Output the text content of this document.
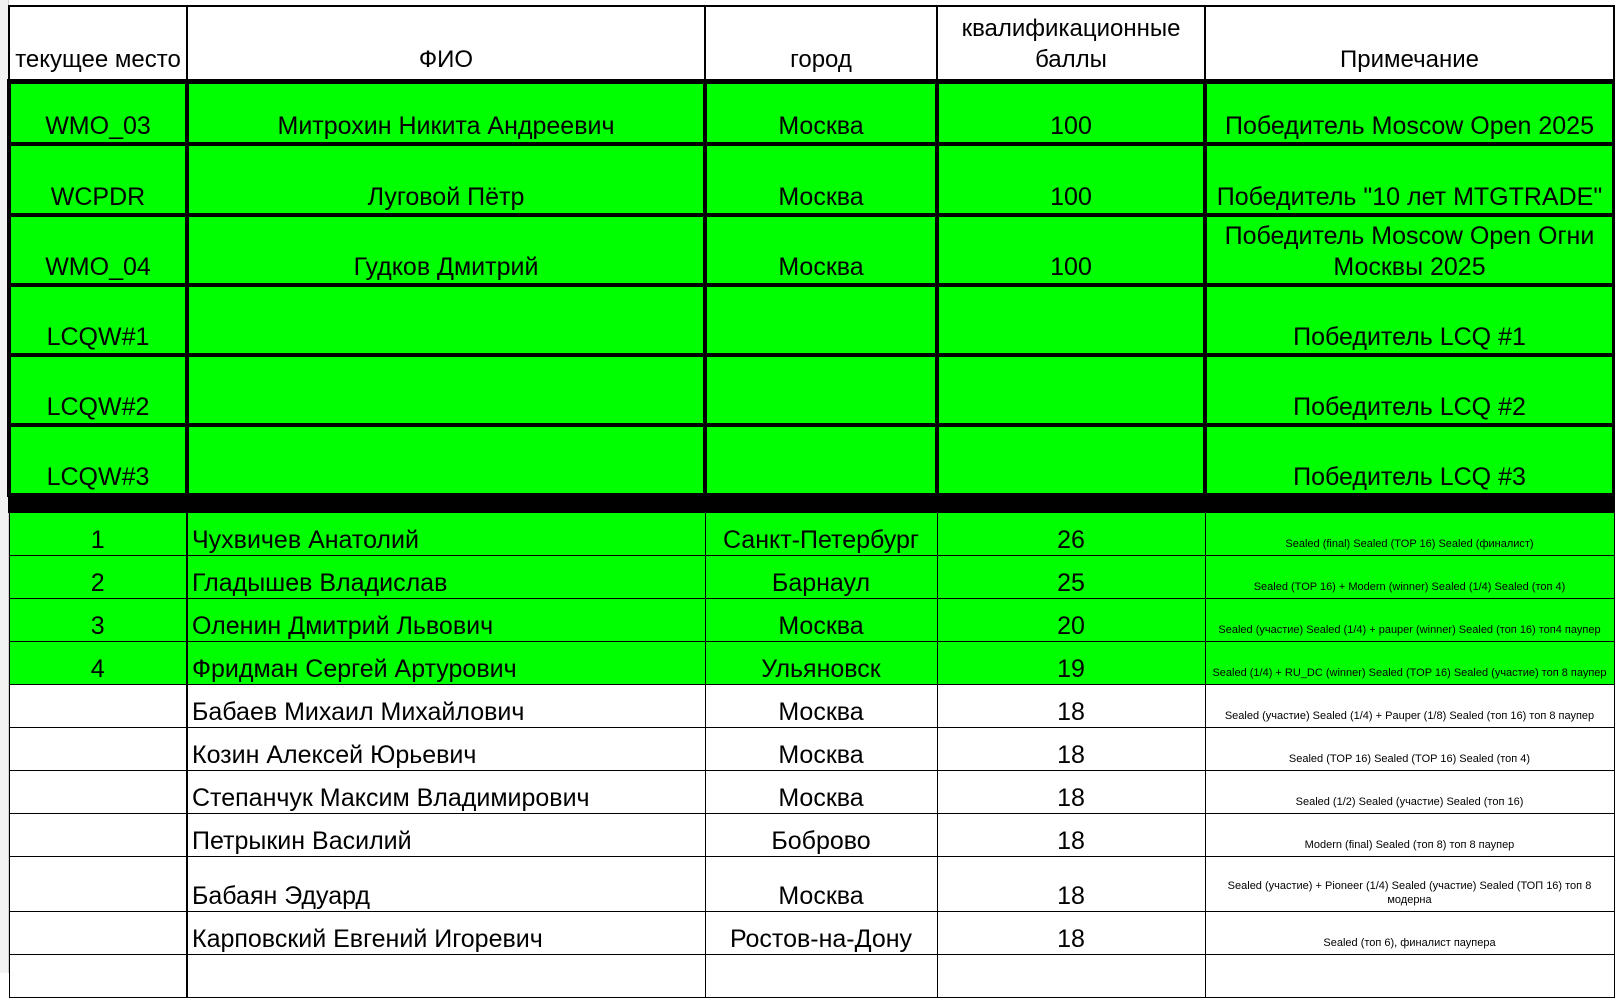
текущее место	ФИО	город	квалификационные баллы	Примечание
WMO_03	Митрохин Никита Андреевич	Москва	100	Победитель Moscow Open 2025
WCPDR	Луговой Пётр	Москва	100	Победитель "10 лет MTGTRADE"
WMO_04	Гудков Дмитрий	Москва	100	Победитель Moscow Open Огни Москвы 2025
LCQW#1				Победитель LCQ #1
LCQW#2				Победитель LCQ #2
LCQW#3				Победитель LCQ #3

1	Чухвичев Анатолий	Санкт-Петербург	26	Sealed (final) Sealed (TOP 16) Sealed (финалист)
2	Гладышев Владислав	Барнаул	25	Sealed (TOP 16) + Modern (winner) Sealed (1/4) Sealed (топ 4)
3	Оленин Дмитрий Львович	Москва	20	Sealed (участие) Sealed (1/4) + pauper (winner) Sealed (топ 16) топ4 паупер
4	Фридман Сергей Артурович	Ульяновск	19	Sealed (1/4) + RU_DC (winner) Sealed (TOP 16) Sealed (участие) топ 8 паупер
	Бабаев Михаил Михайлович	Москва	18	Sealed (участие) Sealed (1/4) + Pauper (1/8) Sealed (топ 16) топ 8 паупер
	Козин Алексей Юрьевич	Москва	18	Sealed (TOP 16) Sealed (TOP 16) Sealed (топ 4)
	Степанчук Максим Владимирович	Москва	18	Sealed (1/2) Sealed (участие) Sealed (топ 16)
	Петрыкин Василий	Боброво	18	Modern (final) Sealed (топ 8) топ 8 паупер
	Бабаян Эдуард	Москва	18	Sealed (участие) + Pioneer (1/4) Sealed (участие) Sealed (ТОП 16) топ 8 модерна
	Карповский Евгений Игоревич	Ростов-на-Дону	18	Sealed (топ 6), финалист паупера
